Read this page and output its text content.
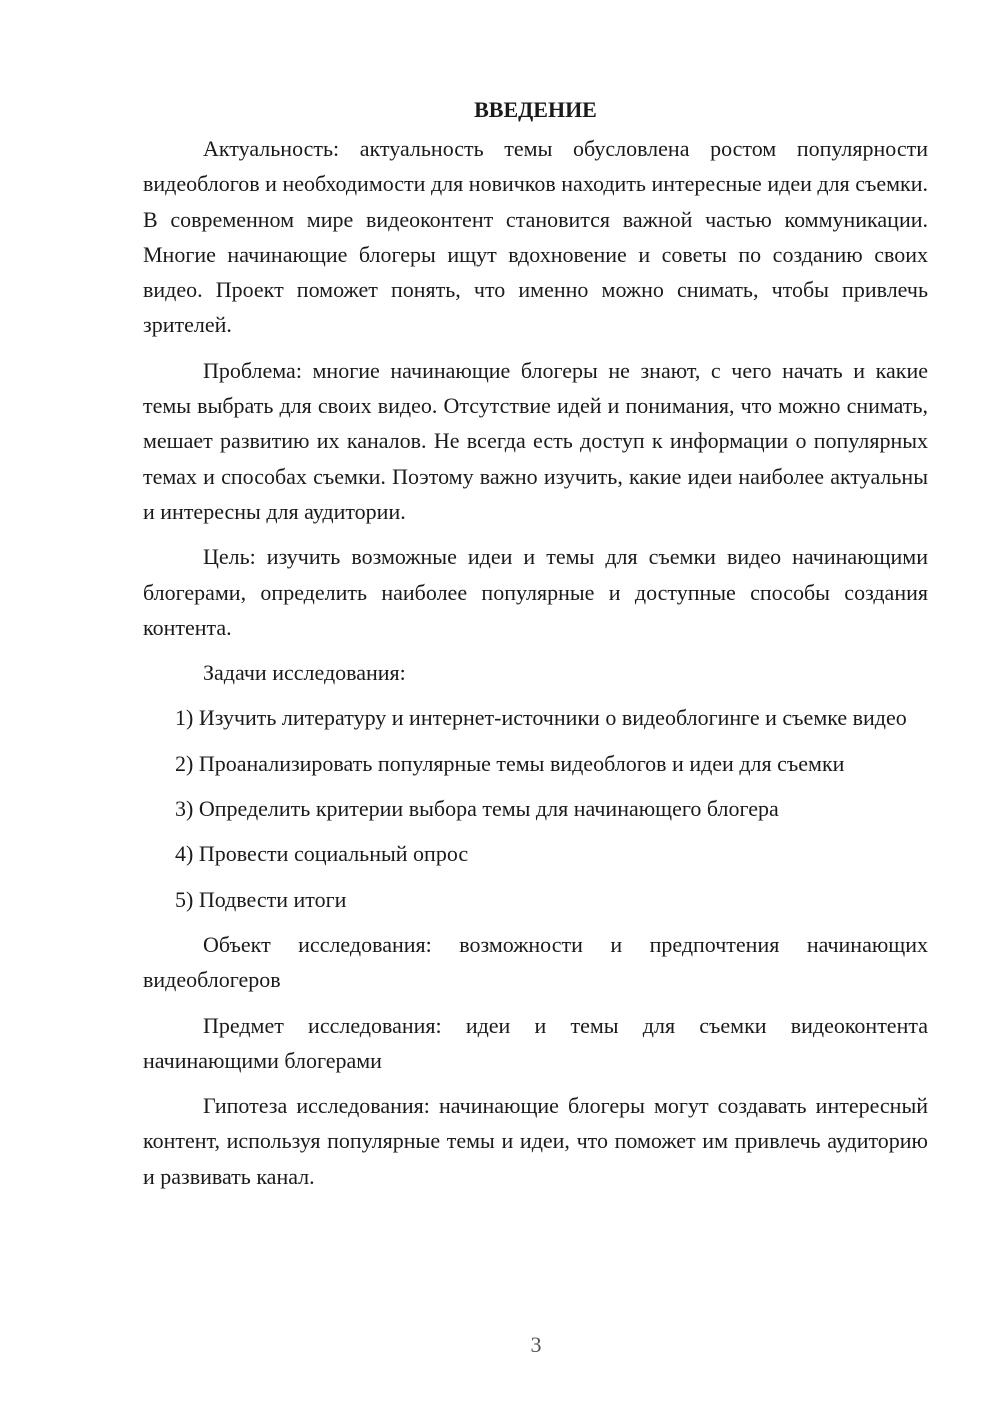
ВВЕДЕНИЕ

Актуальность: актуальность темы обусловлена ростом популярности видеоблогов и необходимости для новичков находить интересные идеи для съемки. В современном мире видеоконтент становится важной частью коммуникации. Многие начинающие блогеры ищут вдохновение и советы по созданию своих видео. Проект поможет понять, что именно можно снимать, чтобы привлечь зрителей.

Проблема: многие начинающие блогеры не знают, с чего начать и какие темы выбрать для своих видео. Отсутствие идей и понимания, что можно снимать, мешает развитию их каналов. Не всегда есть доступ к информации о популярных темах и способах съемки. Поэтому важно изучить, какие идеи наиболее актуальны и интересны для аудитории.

Цель: изучить возможные идеи и темы для съемки видео начинающими блогерами, определить наиболее популярные и доступные способы создания контента.

Задачи исследования:

1) Изучить литературу и интернет-источники о видеоблогинге и съемке видео

2) Проанализировать популярные темы видеоблогов и идеи для съемки

3) Определить критерии выбора темы для начинающего блогера

4) Провести социальный опрос

5) Подвести итоги

Объект исследования: возможности и предпочтения начинающих видеоблогеров

Предмет исследования: идеи и темы для съемки видеоконтента начинающими блогерами

Гипотеза исследования: начинающие блогеры могут создавать интересный контент, используя популярные темы и идеи, что поможет им привлечь аудиторию и развивать канал.

3
